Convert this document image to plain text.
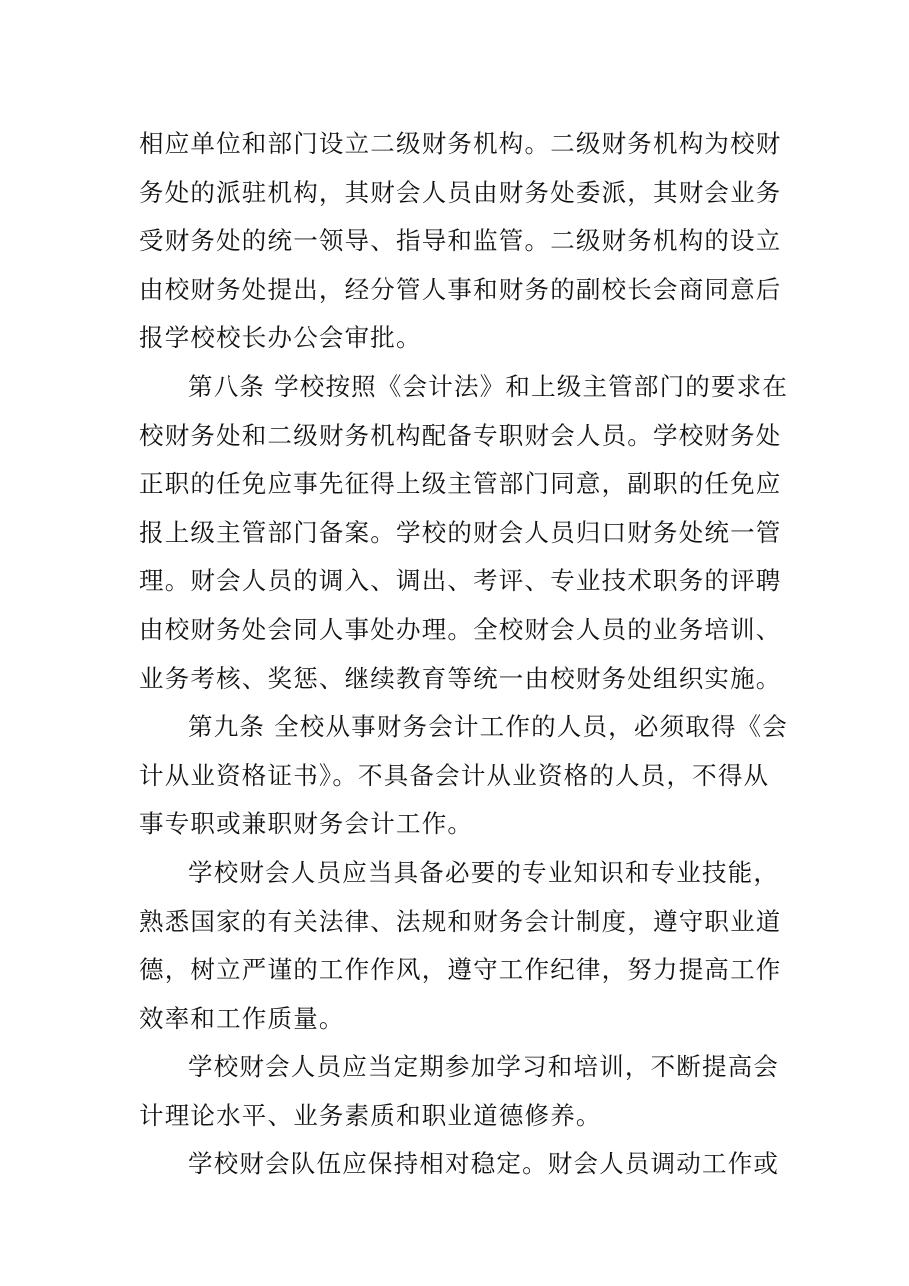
相应单位和部门设立二级财务机构。二级财务机构为校财
务处的派驻机构，其财会人员由财务处委派，其财会业务
受财务处的统一领导、指导和监管。二级财务机构的设立
由校财务处提出，经分管人事和财务的副校长会商同意后
报学校校长办公会审批。
第八条 学校按照《会计法》和上级主管部门的要求在
校财务处和二级财务机构配备专职财会人员。学校财务处
正职的任免应事先征得上级主管部门同意，副职的任免应
报上级主管部门备案。学校的财会人员归口财务处统一管
理。财会人员的调入、调出、考评、专业技术职务的评聘
由校财务处会同人事处办理。全校财会人员的业务培训、
业务考核、奖惩、继续教育等统一由校财务处组织实施。
第九条 全校从事财务会计工作的人员，必须取得《会
计从业资格证书》。不具备会计从业资格的人员，不得从
事专职或兼职财务会计工作。
学校财会人员应当具备必要的专业知识和专业技能，
熟悉国家的有关法律、法规和财务会计制度，遵守职业道
德，树立严谨的工作作风，遵守工作纪律，努力提高工作
效率和工作质量。
学校财会人员应当定期参加学习和培训，不断提高会
计理论水平、业务素质和职业道德修养。
学校财会队伍应保持相对稳定。财会人员调动工作或
